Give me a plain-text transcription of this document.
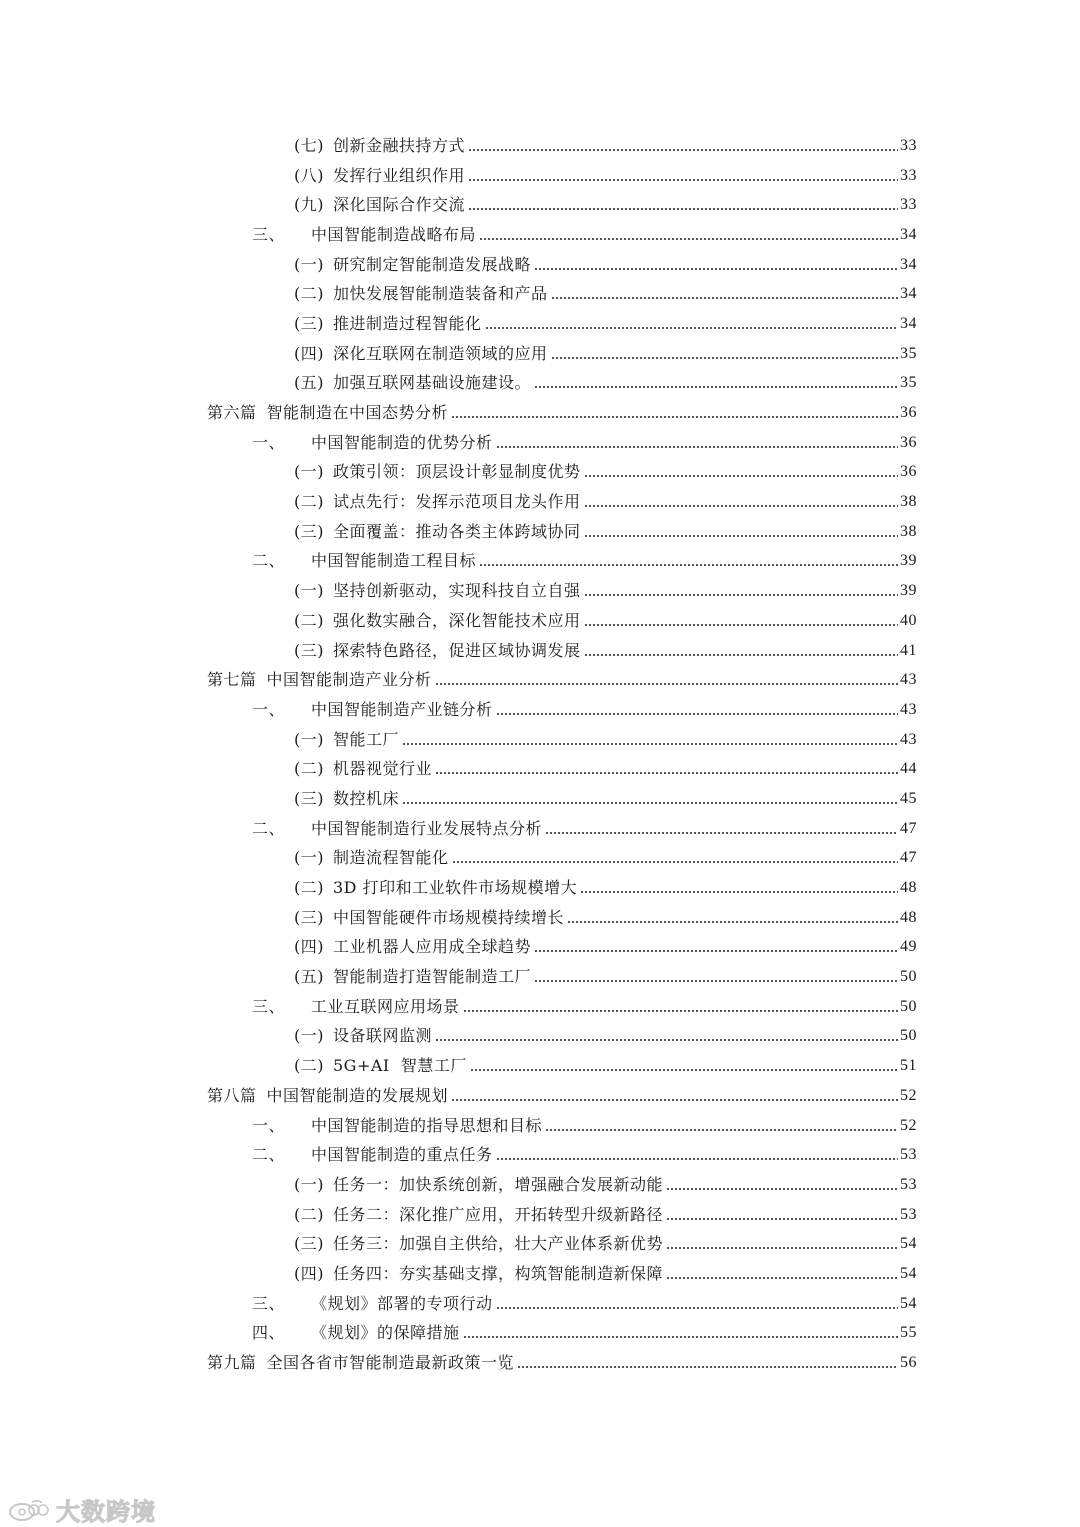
(七) 创新金融扶持方式	33
(八) 发挥行业组织作用	33
(九) 深化国际合作交流	33
三、 中国智能制造战略布局	34
(一) 研究制定智能制造发展战略	34
(二) 加快发展智能制造装备和产品	34
(三) 推进制造过程智能化	34
(四) 深化互联网在制造领域的应用	35
(五) 加强互联网基础设施建设。	35
第六篇 智能制造在中国态势分析	36
一、 中国智能制造的优势分析	36
(一) 政策引领：顶层设计彰显制度优势	36
(二) 试点先行：发挥示范项目龙头作用	38
(三) 全面覆盖：推动各类主体跨域协同	38
二、 中国智能制造工程目标	39
(一) 坚持创新驱动，实现科技自立自强	39
(二) 强化数实融合，深化智能技术应用	40
(三) 探索特色路径，促进区域协调发展	41
第七篇 中国智能制造产业分析	43
一、 中国智能制造产业链分析	43
(一) 智能工厂	43
(二) 机器视觉行业	44
(三) 数控机床	45
二、 中国智能制造行业发展特点分析	47
(一) 制造流程智能化	47
(二) 3D 打印和工业软件市场规模增大	48
(三) 中国智能硬件市场规模持续增长	48
(四) 工业机器人应用成全球趋势	49
(五) 智能制造打造智能制造工厂	50
三、 工业互联网应用场景	50
(一) 设备联网监测	50
(二) 5G+AI  智慧工厂	51
第八篇 中国智能制造的发展规划	52
一、 中国智能制造的指导思想和目标	52
二、 中国智能制造的重点任务	53
(一) 任务一：加快系统创新，增强融合发展新动能	53
(二) 任务二：深化推广应用，开拓转型升级新路径	53
(三) 任务三：加强自主供给，壮大产业体系新优势	54
(四) 任务四：夯实基础支撑，构筑智能制造新保障	54
三、 《规划》部署的专项行动	54
四、 《规划》的保障措施	55
第九篇 全国各省市智能制造最新政策一览	56
大数跨境
